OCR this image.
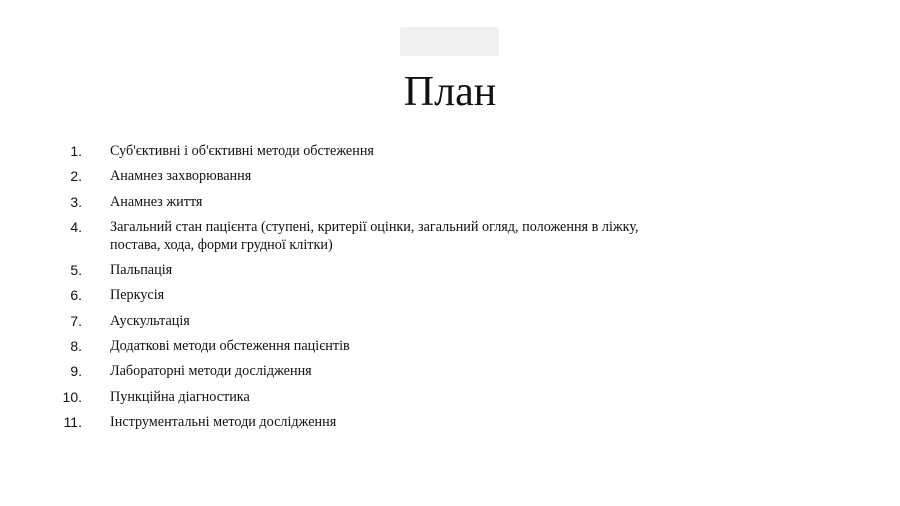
План
1. Суб'єктивні і об'єктивні методи обстеження
2. Анамнез захворювання
3. Анамнез життя
4. Загальний стан пацієнта (ступені, критерії оцінки, загальний огляд, положення в ліжку, постава, хода, форми грудної клітки)
5. Пальпація
6. Перкусія
7. Аускультація
8. Додаткові методи обстеження пацієнтів
9. Лабораторні методи дослідження
10. Пункційна діагностика
11. Інструментальні методи дослідження
